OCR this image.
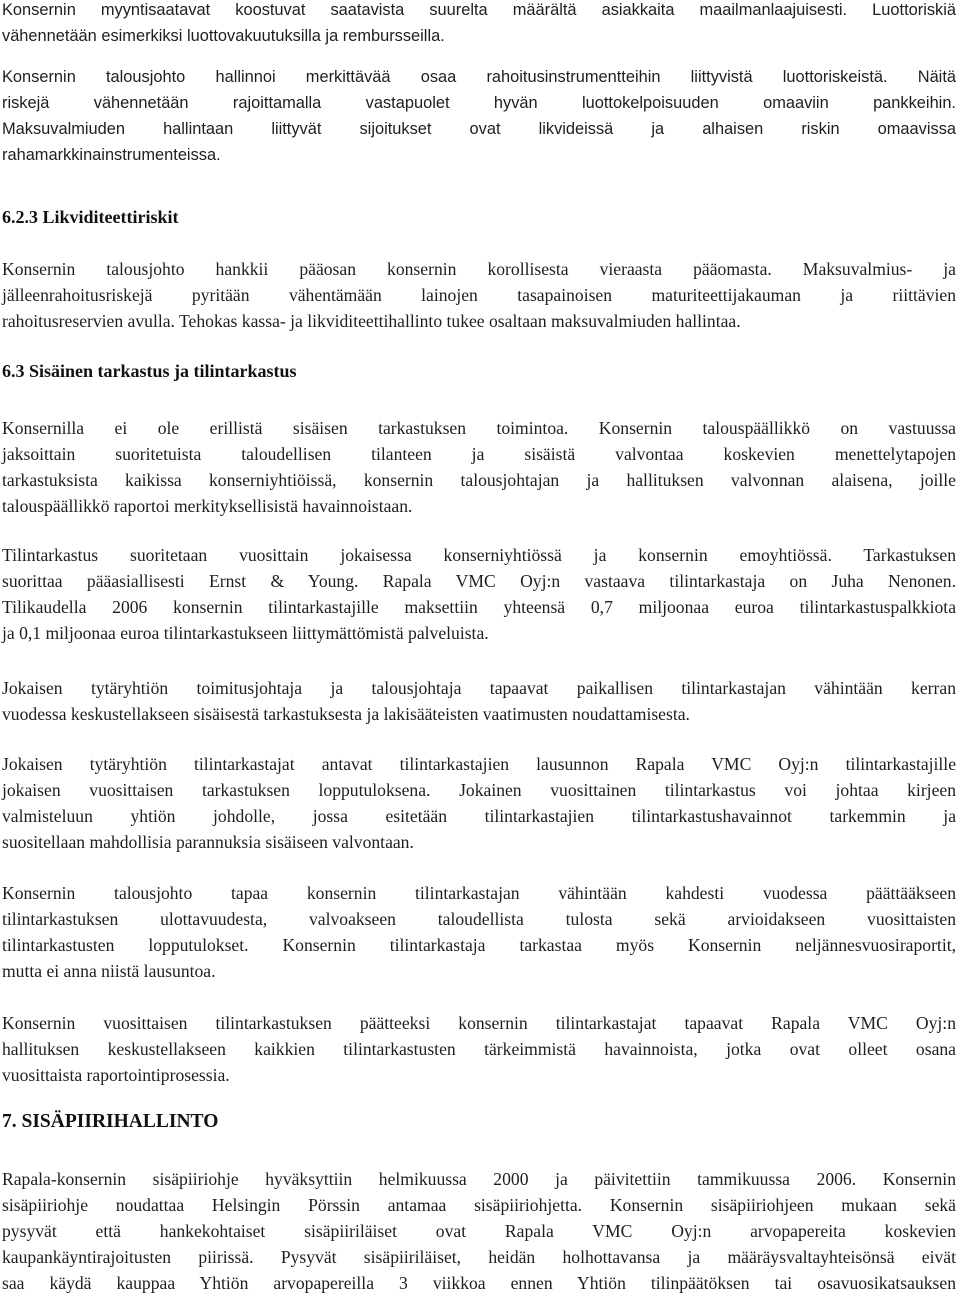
Konsernin myyntisaatavat koostuvat saatavista suurelta määrältä asiakkaita maailmanlaajuisesti. Luottoriskiä
vähennetään esimerkiksi luottovakuutuksilla ja rembursseilla.
Konsernin talousjohto hallinnoi merkittävää osaa rahoitusinstrumentteihin liittyvistä luottoriskeistä. Näitä
riskejä vähennetään rajoittamalla vastapuolet hyvän luottokelpoisuuden omaaviin pankkeihin.
Maksuvalmiuden hallintaan liittyvät sijoitukset ovat likvideissä ja alhaisen riskin omaavissa
rahamarkkinainstrumenteissa.
6.2.3 Likviditeettiriskit
Konsernin talousjohto hankkii pääosan konsernin korollisesta vieraasta pääomasta. Maksuvalmius- ja
jälleenrahoitusriskejä pyritään vähentämään lainojen tasapainoisen maturiteettijakauman ja riittävien
rahoitusreservien avulla. Tehokas kassa- ja likviditeettihallinto tukee osaltaan maksuvalmiuden hallintaa.
6.3 Sisäinen tarkastus ja tilintarkastus
Konsernilla ei ole erillistä sisäisen tarkastuksen toimintoa. Konsernin talouspäällikkö on vastuussa
jaksoittain suoritetuista taloudellisen tilanteen ja sisäistä valvontaa koskevien menettelytapojen
tarkastuksista kaikissa konserniyhtiöissä, konsernin talousjohtajan ja hallituksen valvonnan alaisena, joille
talouspäällikkö raportoi merkityksellisistä havainnoistaan.
Tilintarkastus suoritetaan vuosittain jokaisessa konserniyhtiössä ja konsernin emoyhtiössä. Tarkastuksen
suorittaa pääasiallisesti Ernst & Young. Rapala VMC Oyj:n vastaava tilintarkastaja on Juha Nenonen.
Tilikaudella 2006 konsernin tilintarkastajille maksettiin yhteensä 0,7 miljoonaa euroa tilintarkastuspalkkiota
ja 0,1 miljoonaa euroa tilintarkastukseen liittymättömistä palveluista.
Jokaisen tytäryhtiön toimitusjohtaja ja talousjohtaja tapaavat paikallisen tilintarkastajan vähintään kerran
vuodessa keskustellakseen sisäisestä tarkastuksesta ja lakisääteisten vaatimusten noudattamisesta.
Jokaisen tytäryhtiön tilintarkastajat antavat tilintarkastajien lausunnon Rapala VMC Oyj:n tilintarkastajille
jokaisen vuosittaisen tarkastuksen lopputuloksena. Jokainen vuosittainen tilintarkastus voi johtaa kirjeen
valmisteluun yhtiön johdolle, jossa esitetään tilintarkastajien tilintarkastushavainnot tarkemmin ja
suositellaan mahdollisia parannuksia sisäiseen valvontaan.
Konsernin talousjohto tapaa konsernin tilintarkastajan vähintään kahdesti vuodessa päättääkseen
tilintarkastuksen ulottavuudesta, valvoakseen taloudellista tulosta sekä arvioidakseen vuosittaisten
tilintarkastusten lopputulokset. Konsernin tilintarkastaja tarkastaa myös Konsernin neljännesvuosiraportit,
mutta ei anna niistä lausuntoa.
Konsernin vuosittaisen tilintarkastuksen päätteeksi konsernin tilintarkastajat tapaavat Rapala VMC Oyj:n
hallituksen keskustellakseen kaikkien tilintarkastusten tärkeimmistä havainnoista, jotka ovat olleet osana
vuosittaista raportointiprosessia.
7. SISÄPIIRIHALLINTO
Rapala-konsernin sisäpiiriohje hyväksyttiin helmikuussa 2000 ja päivitettiin tammikuussa 2006. Konsernin
sisäpiiriohje noudattaa Helsingin Pörssin antamaa sisäpiiriohjetta. Konsernin sisäpiiriohjeen mukaan sekä
pysyvät että hankekohtaiset sisäpiiriläiset ovat Rapala VMC Oyj:n arvopapereita koskevien
kaupankäyntirajoitusten piirissä. Pysyvät sisäpiiriläiset, heidän holhottavansa ja määräysvaltayhteisönsä eivät
saa käydä kauppaa Yhtiön arvopapereilla 3 viikkoa ennen Yhtiön tilinpäätöksen tai osavuosikatsauksen
